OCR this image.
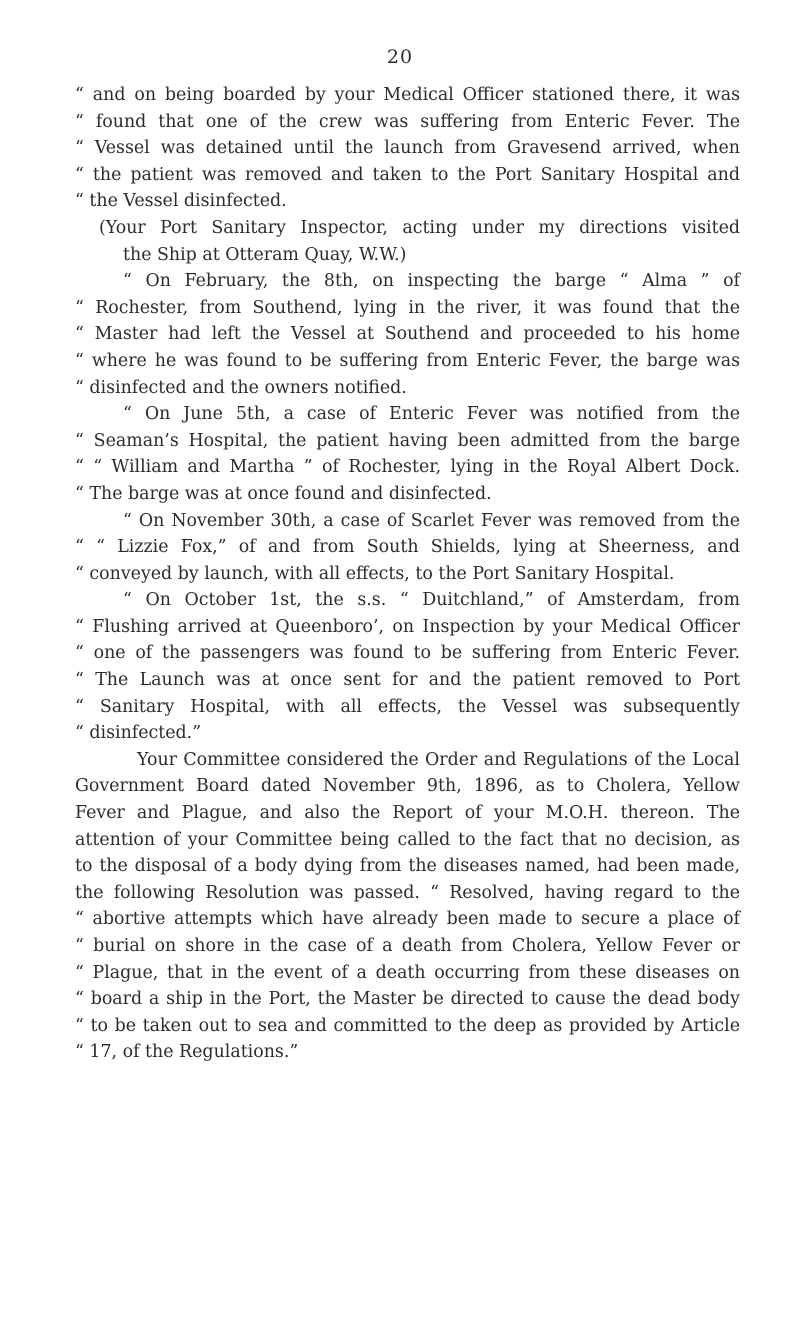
20
“ and on being boarded by your Medical Officer stationed there, it was
“ found that one of the crew was suffering from Enteric Fever. The
“ Vessel was detained until the launch from Gravesend arrived, when
“ the patient was removed and taken to the Port Sanitary Hospital and
“ the Vessel disinfected.
(Your Port Sanitary Inspector, acting under my directions visited
the Ship at Otteram Quay, W.W.)
“ On February, the 8th, on inspecting the barge “ Alma ” of
“ Rochester, from Southend, lying in the river, it was found that the
“ Master had left the Vessel at Southend and proceeded to his home
“ where he was found to be suffering from Enteric Fever, the barge was
“ disinfected and the owners notified.
“ On June 5th, a case of Enteric Fever was notified from the
“ Seaman’s Hospital, the patient having been admitted from the barge
“ “ William and Martha ” of Rochester, lying in the Royal Albert Dock.
“ The barge was at once found and disinfected.
“ On November 30th, a case of Scarlet Fever was removed from the
“ “ Lizzie Fox,” of and from South Shields, lying at Sheerness, and
“ conveyed by launch, with all effects, to the Port Sanitary Hospital.
“ On October 1st, the s.s. “ Duitchland,” of Amsterdam, from
“ Flushing arrived at Queenboro’, on Inspection by your Medical Officer
“ one of the passengers was found to be suffering from Enteric Fever.
“ The Launch was at once sent for and the patient removed to Port
“ Sanitary Hospital, with all effects, the Vessel was subsequently
“ disinfected.”
Your Committee considered the Order and Regulations of the Local
Government Board dated November 9th, 1896, as to Cholera, Yellow
Fever and Plague, and also the Report of your M.O.H. thereon. The
attention of your Committee being called to the fact that no decision, as
to the disposal of a body dying from the diseases named, had been made,
the following Resolution was passed. “ Resolved, having regard to the
“ abortive attempts which have already been made to secure a place of
“ burial on shore in the case of a death from Cholera, Yellow Fever or
“ Plague, that in the event of a death occurring from these diseases on
“ board a ship in the Port, the Master be directed to cause the dead body
“ to be taken out to sea and committed to the deep as provided by Article
“ 17, of the Regulations.”
